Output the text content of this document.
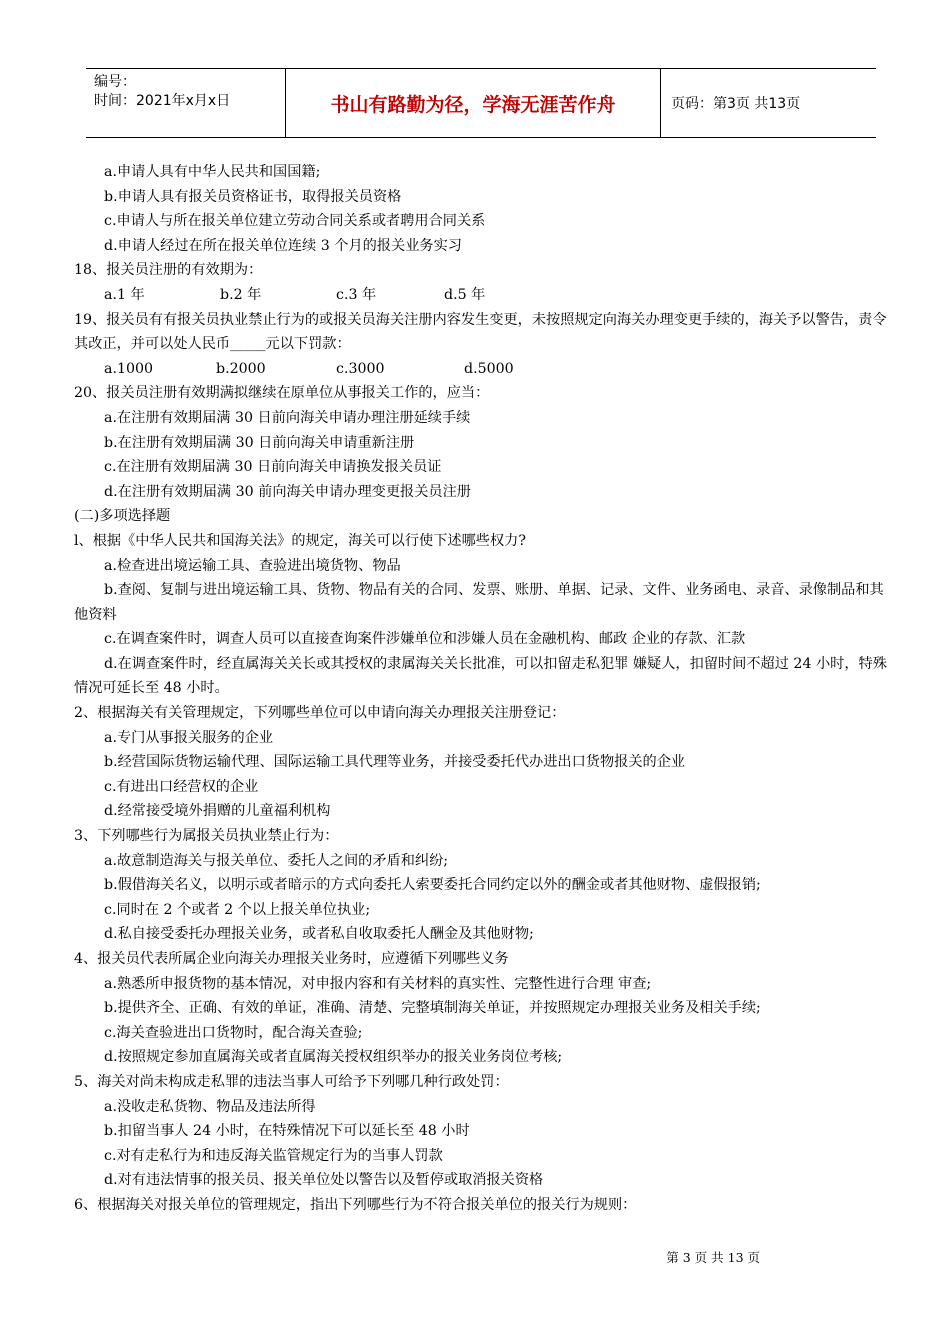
编号：
时间：2021年x月x日	书山有路勤为径，学海无涯苦作舟	页码：第3页 共13页
a.申请人具有中华人民共和国国籍;
b.申请人具有报关员资格证书，取得报关员资格
c.申请人与所在报关单位建立劳动合同关系或者聘用合同关系
d.申请人经过在所在报关单位连续 3 个月的报关业务实习
18、报关员注册的有效期为：
a.1 年	b.2 年	c.3 年	d.5 年
19、报关员有有报关员执业禁止行为的或报关员海关注册内容发生变更，未按照规定向海关办理变更手续的，海关予以警告，责令其改正，并可以处人民币_____元以下罚款：
a.1000	b.2000	c.3000	d.5000
20、报关员注册有效期满拟继续在原单位从事报关工作的，应当：
a.在注册有效期届满 30 日前向海关申请办理注册延续手续
b.在注册有效期届满 30 日前向海关申请重新注册
c.在注册有效期届满 30 日前向海关申请换发报关员证
d.在注册有效期届满 30 前向海关申请办理变更报关员注册
(二)多项选择题
l、根据《中华人民共和国海关法》的规定，海关可以行使下述哪些权力?
a.检查进出境运输工具、查验进出境货物、物品
b.查阅、复制与进出境运输工具、货物、物品有关的合同、发票、账册、单据、记录、文件、业务函电、录音、录像制品和其他资料
c.在调查案件时，调查人员可以直接查询案件涉嫌单位和涉嫌人员在金融机构、邮政 企业的存款、汇款
d.在调查案件时，经直属海关关长或其授权的隶属海关关长批准，可以扣留走私犯罪 嫌疑人，扣留时间不超过 24 小时，特殊情况可延长至 48 小时。
2、根据海关有关管理规定，下列哪些单位可以申请向海关办理报关注册登记：
a.专门从事报关服务的企业
b.经营国际货物运输代理、国际运输工具代理等业务，并接受委托代办进出口货物报关的企业
c.有进出口经营权的企业
d.经常接受境外捐赠的儿童福利机构
3、下列哪些行为属报关员执业禁止行为：
a.故意制造海关与报关单位、委托人之间的矛盾和纠纷;
b.假借海关名义，以明示或者暗示的方式向委托人索要委托合同约定以外的酬金或者其他财物、虚假报销;
c.同时在 2 个或者 2 个以上报关单位执业;
d.私自接受委托办理报关业务，或者私自收取委托人酬金及其他财物;
4、报关员代表所属企业向海关办理报关业务时，应遵循下列哪些义务
a.熟悉所申报货物的基本情况，对申报内容和有关材料的真实性、完整性进行合理 审查;
b.提供齐全、正确、有效的单证，准确、清楚、完整填制海关单证，并按照规定办理报关业务及相关手续;
c.海关查验进出口货物时，配合海关查验;
d.按照规定参加直属海关或者直属海关授权组织举办的报关业务岗位考核;
5、海关对尚未构成走私罪的违法当事人可给予下列哪几种行政处罚：
a.没收走私货物、物品及违法所得
b.扣留当事人 24 小时，在特殊情况下可以延长至 48 小时
c.对有走私行为和违反海关监管规定行为的当事人罚款
d.对有违法情事的报关员、报关单位处以警告以及暂停或取消报关资格
6、根据海关对报关单位的管理规定，指出下列哪些行为不符合报关单位的报关行为规则：
第 3 页 共 13 页
